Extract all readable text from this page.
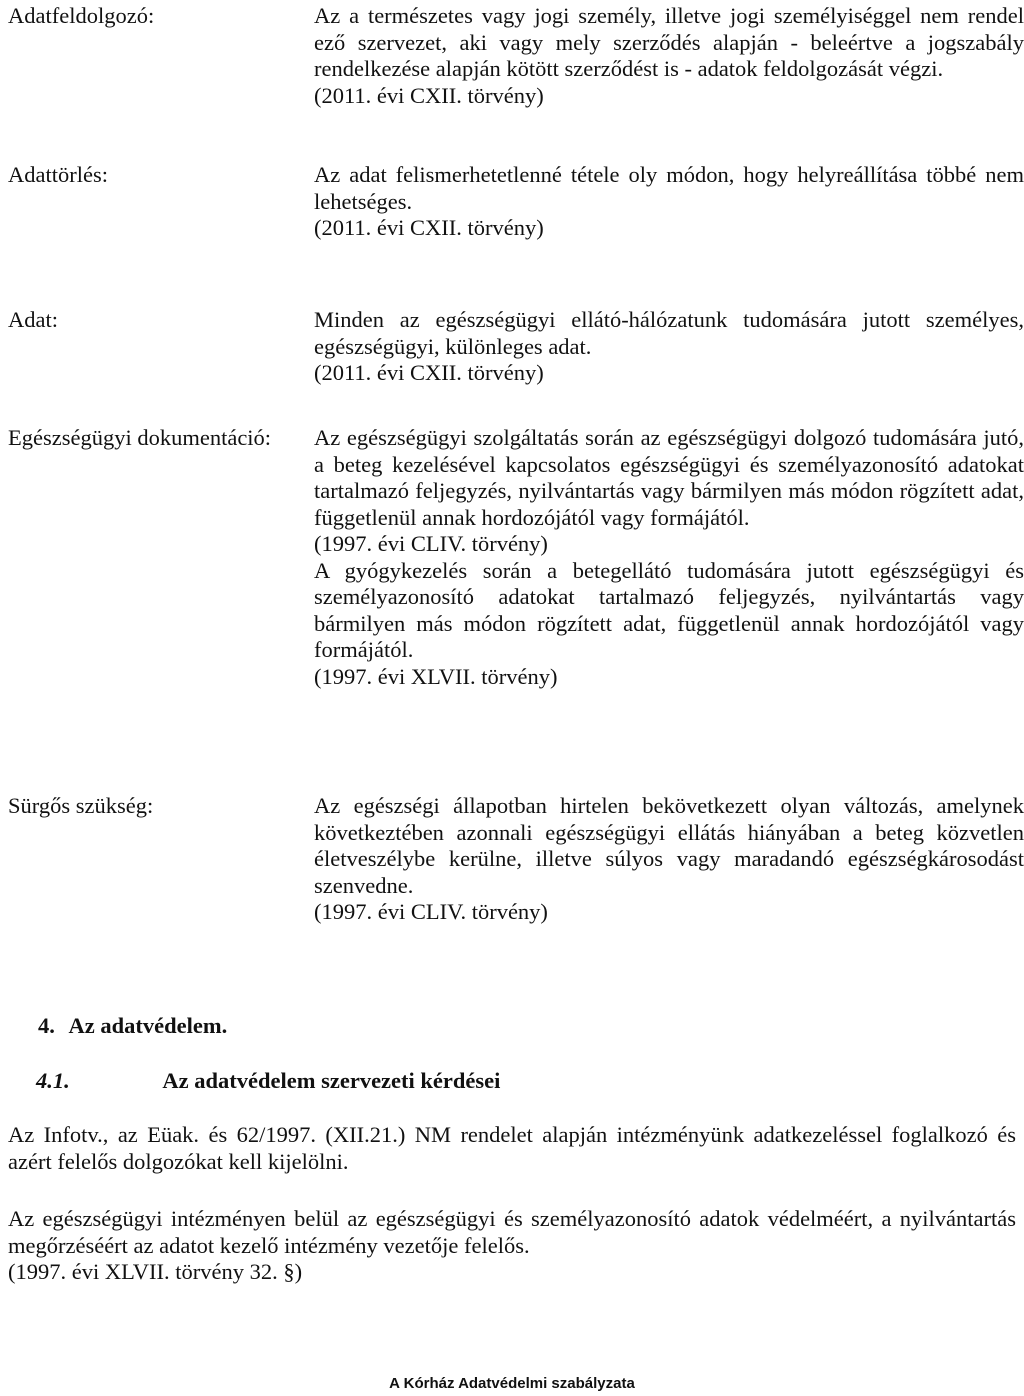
Adatfeldolgozó:	Az a természetes vagy jogi személy, illetve jogi személyiséggel nem rendel ező szervezet, aki vagy mely szerződés alapján - beleértve a jogszabály rendelkezése alapján kötött szerződést is - adatok feldolgozását végzi.

(2011. évi CXII. törvény)

Adattörlés:	Az adat felismerhetetlenné tétele oly módon, hogy helyreállítása többé nem lehetséges.

(2011. évi CXII. törvény)

Adat:	Minden az egészségügyi ellátó-hálózatunk tudomására jutott személyes, egészségügyi, különleges adat.

(2011. évi CXII. törvény)

Egészségügyi dokumentáció: Az egészségügyi szolgáltatás során az egészségügyi dolgozó tudomására jutó, a beteg kezelésével kapcsolatos egészségügyi és személyazonosító adatokat tartalmazó feljegyzés, nyilvántartás vagy bármilyen más módon rögzített adat, függetlenül annak hordozójától vagy formájától.

(1997. évi CLIV. törvény)

A gyógykezelés során a betegellátó tudomására jutott egészségügyi és személyazonosító adatokat tartalmazó feljegyzés, nyilvántartás vagy bármilyen más módon rögzített adat, függetlenül annak hordozójától vagy formájától.

(1997. évi XLVII. törvény)

Sürgős szükség:	Az egészségi állapotban hirtelen bekövetkezett olyan változás, amelynek következtében azonnali egészségügyi ellátás hiányában a beteg közvetlen életveszélybe kerülne, illetve súlyos vagy maradandó egészségkárosodást szenvedne.

(1997. évi CLIV. törvény)

4. Az adatvédelem.
4.1.	Az adatvédelem szervezeti kérdései

Az Infotv., az Eüak. és 62/1997. (XII.21.) NM rendelet alapján intézményünk adatkezeléssel foglalkozó és azért felelős dolgozókat kell kijelölni.

Az egészségügyi intézményen belül az egészségügyi és személyazonosító adatok védelméért, a nyilvántartás megőrzéséért az adatot kezelő intézmény vezetője felelős.

(1997. évi XLVII. törvény 32. §)

A Kórház Adatvédelmi szabályzata
